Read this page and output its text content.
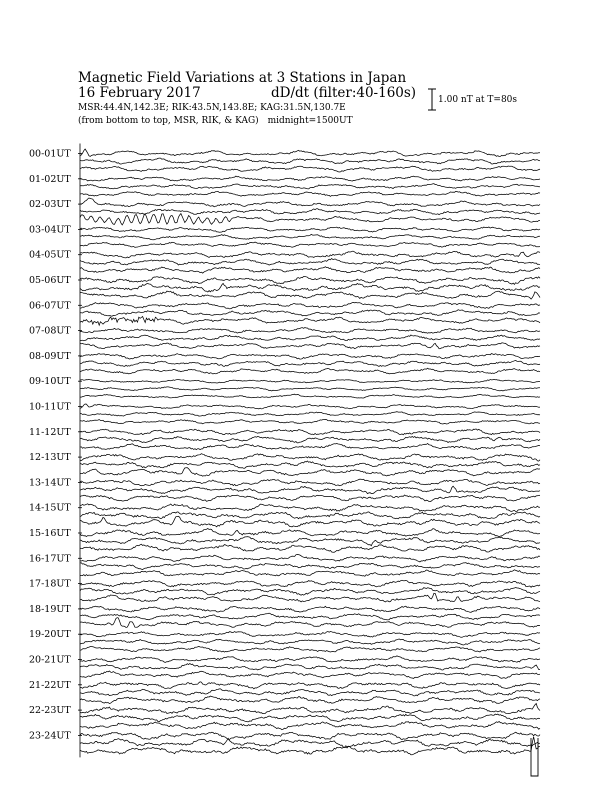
Magnetic Field Variations at 3 Stations in Japan
16 February 2017	dD/dt (filter:40-160s)
MSR:44.4N,142.3E; RIK:43.5N,143.8E; KAG:31.5N,130.7E
(from bottom to top, MSR, RIK, & KAG) midnight=1500UT
1.00 nT at T=80s
00-01UT
01-02UT
02-03UT
03-04UT
04-05UT
05-06UT
06-07UT
07-08UT
08-09UT
09-10UT
10-11UT
11-12UT
12-13UT
13-14UT
14-15UT
15-16UT
16-17UT
17-18UT
18-19UT
19-20UT
20-21UT
21-22UT
22-23UT
23-24UT
